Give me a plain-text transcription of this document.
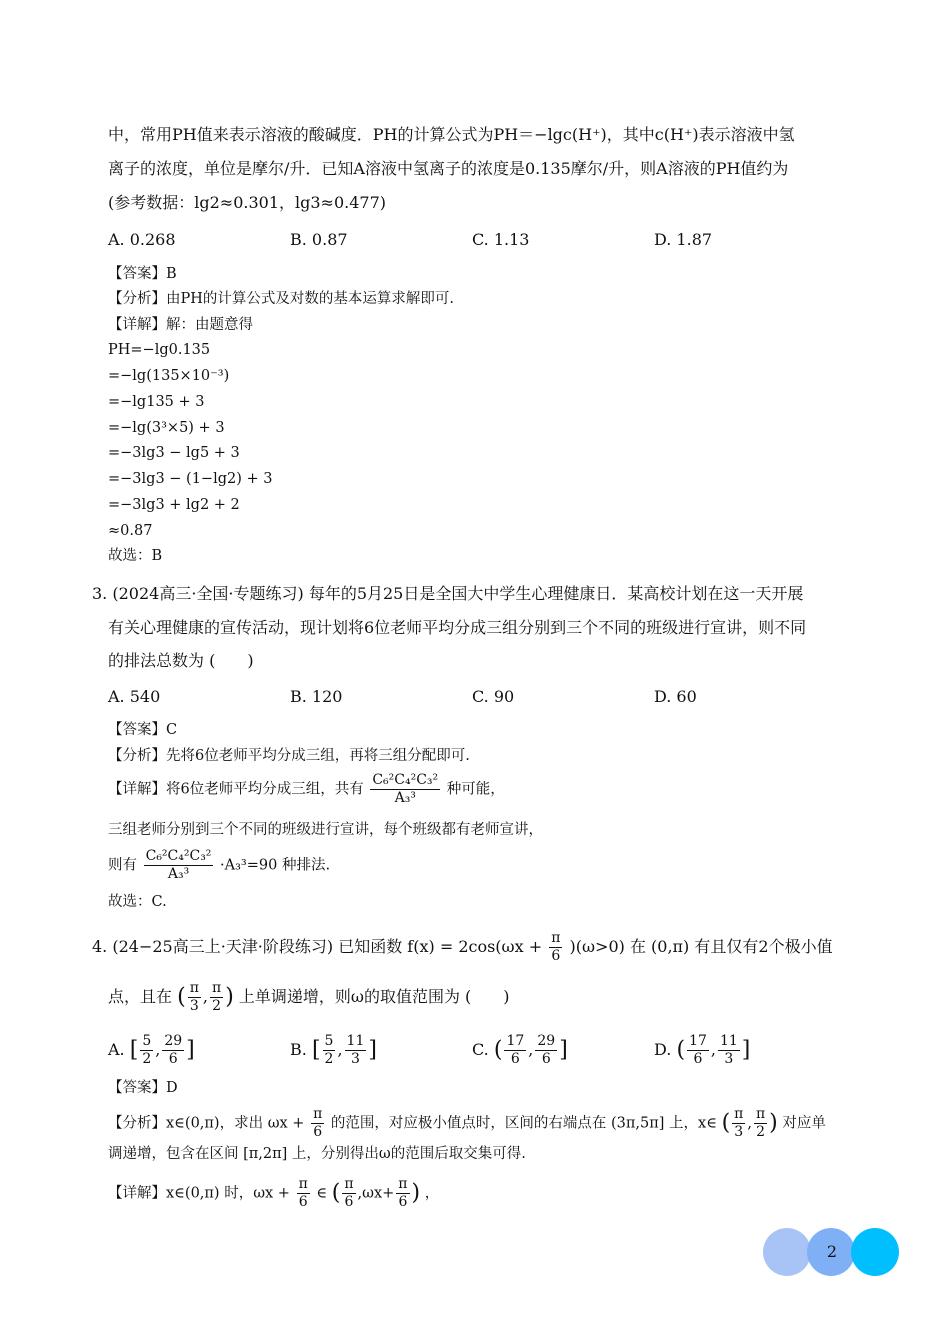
中，常用PH值来表示溶液的酸碱度．PH的计算公式为PH＝−lgc(H⁺)，其中c(H⁺)表示溶液中氢
离子的浓度，单位是摩尔/升．已知A溶液中氢离子的浓度是0.135摩尔/升，则A溶液的PH值约为
(参考数据：lg2≈0.301，lg3≈0.477)
A. 0.268	B. 0.87	C. 1.13	D. 1.87
【答案】B
【分析】由PH的计算公式及对数的基本运算求解即可.
【详解】解：由题意得
PH=−lg0.135
=−lg(135×10⁻³)
=−lg135 + 3
=−lg(3³×5) + 3
=−3lg3 − lg5 + 3
=−3lg3 − (1−lg2) + 3
=−3lg3 + lg2 + 2
≈0.87
故选：B
3. (2024高三·全国·专题练习) 每年的5月25日是全国大中学生心理健康日．某高校计划在这一天开展
有关心理健康的宣传活动，现计划将6位老师平均分成三组分别到三个不同的班级进行宣讲，则不同
的排法总数为 (　　)
A. 540	B. 120	C. 90	D. 60
【答案】C
【分析】先将6位老师平均分成三组，再将三组分配即可.
【详解】将6位老师平均分成三组，共有 $\frac{\text{C₆²C₄²C₃²}}{\text{A₃³}}$ 种可能，
三组老师分别到三个不同的班级进行宣讲，每个班级都有老师宣讲，
则有 $\frac{\text{C₆²C₄²C₃²}}{\text{A₃³}} \cdot A_3^3=90$ 种排法.
故选：C.
4. (24−25高三上·天津·阶段练习) 已知函数 $f(x) = 2\cos(\omega x + \frac{\pi}{6} )(\omega>0)$ 在 (0,π) 有且仅有2个极小值
点，且在 ( $\frac{\pi}{3}$ , $\frac{\pi}{2}$ ) 上单调递增，则ω的取值范围为 (　　)
A. [ $\frac{5}{2}$ , $\frac{29}{6}$ ]	B. [ $\frac{5}{2}$ , $\frac{11}{3}$ ]	C. ( $\frac{17}{6}$ , $\frac{29}{6}$ ]	D. ( $\frac{17}{6}$ , $\frac{11}{3}$ ]
【答案】D
【分析】x∈(0,π)，求出 $\omega x + \frac{\pi}{6}$ 的范围，对应极小值点时，区间的右端点在 (3π,5π] 上，x∈ ( $\frac{\pi}{3}$ , $\frac{\pi}{2}$ ) 对应单
调递增，包含在区间 [π,2π] 上，分别得出ω的范围后取交集可得.
【详解】x∈(0,π) 时，$\omega x + \frac{\pi}{6}$ ∈ ( $\frac{\pi}{6} ,\omega x+ \frac{\pi}{6}$ ) ，
2
